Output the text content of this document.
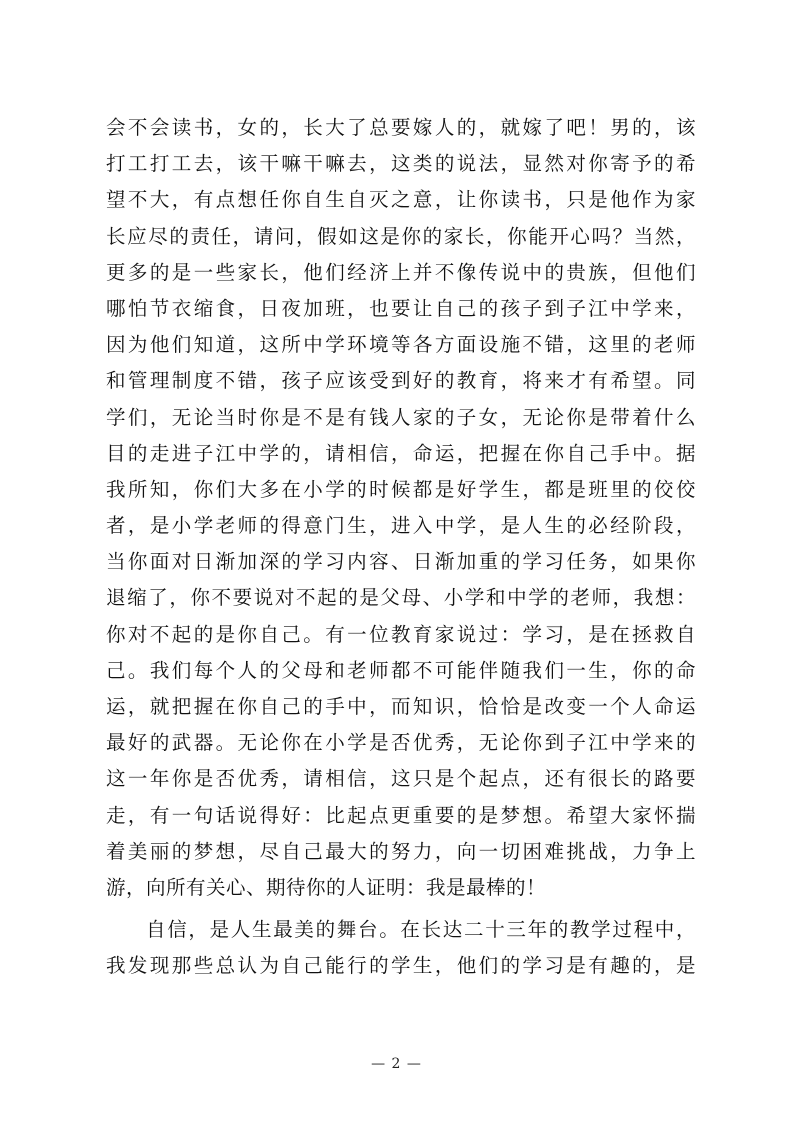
会不会读书，女的，长大了总要嫁人的，就嫁了吧！男的，该
打工打工去，该干嘛干嘛去，这类的说法，显然对你寄予的希
望不大，有点想任你自生自灭之意，让你读书，只是他作为家
长应尽的责任，请问，假如这是你的家长，你能开心吗？当然，
更多的是一些家长，他们经济上并不像传说中的贵族，但他们
哪怕节衣缩食，日夜加班，也要让自己的孩子到子江中学来，
因为他们知道，这所中学环境等各方面设施不错，这里的老师
和管理制度不错，孩子应该受到好的教育，将来才有希望。同
学们，无论当时你是不是有钱人家的子女，无论你是带着什么
目的走进子江中学的，请相信，命运，把握在你自己手中。据
我所知，你们大多在小学的时候都是好学生，都是班里的佼佼
者，是小学老师的得意门生，进入中学，是人生的必经阶段，
当你面对日渐加深的学习内容、日渐加重的学习任务，如果你
退缩了，你不要说对不起的是父母、小学和中学的老师，我想：
你对不起的是你自己。有一位教育家说过：学习，是在拯救自
己。我们每个人的父母和老师都不可能伴随我们一生，你的命
运，就把握在你自己的手中，而知识，恰恰是改变一个人命运
最好的武器。无论你在小学是否优秀，无论你到子江中学来的
这一年你是否优秀，请相信，这只是个起点，还有很长的路要
走，有一句话说得好：比起点更重要的是梦想。希望大家怀揣
着美丽的梦想，尽自己最大的努力，向一切困难挑战，力争上
游，向所有关心、期待你的人证明：我是最棒的！
自信，是人生最美的舞台。在长达二十三年的教学过程中，
我发现那些总认为自己能行的学生，他们的学习是有趣的，是
— 2 —
